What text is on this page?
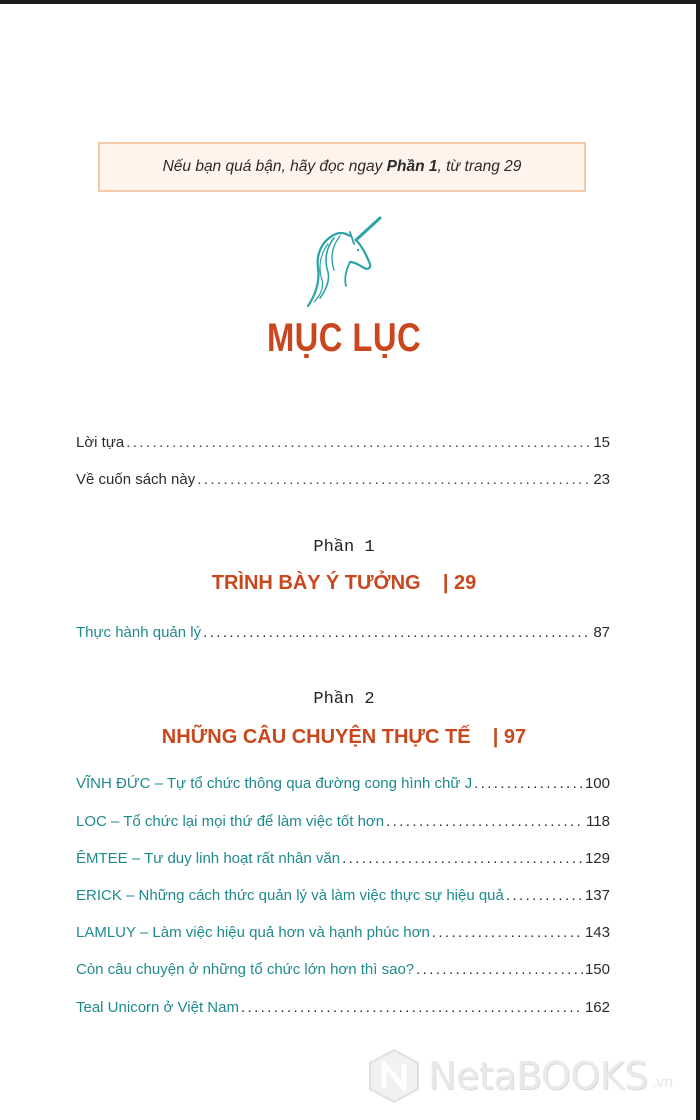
Nếu bạn quá bận, hãy đọc ngay Phần 1, từ trang 29
MỤC LỤC
Lời tựa .....	15
Về cuốn sách này .....	23
Phần 1
TRÌNH BÀY Ý TƯỞNG | 29
Thực hành quản lý .....	87
Phần 2
NHỮNG CÂU CHUYỆN THỰC TẾ | 97
VĨNH ĐỨC – Tự tổ chức thông qua đường cong hình chữ J .....	100
LOC – Tổ chức lại mọi thứ để làm việc tốt hơn .....	118
ÊMTEE – Tư duy linh hoạt rất nhân văn .....	129
ERICK – Những cách thức quản lý và làm việc thực sự hiệu quả .....	137
LAMLUY – Làm việc hiệu quả hơn và hạnh phúc hơn .....	143
Còn câu chuyện ở những tổ chức lớn hơn thì sao? .....	150
Teal Unicorn ở Việt Nam .....	162
NetaBOOKS .vn
